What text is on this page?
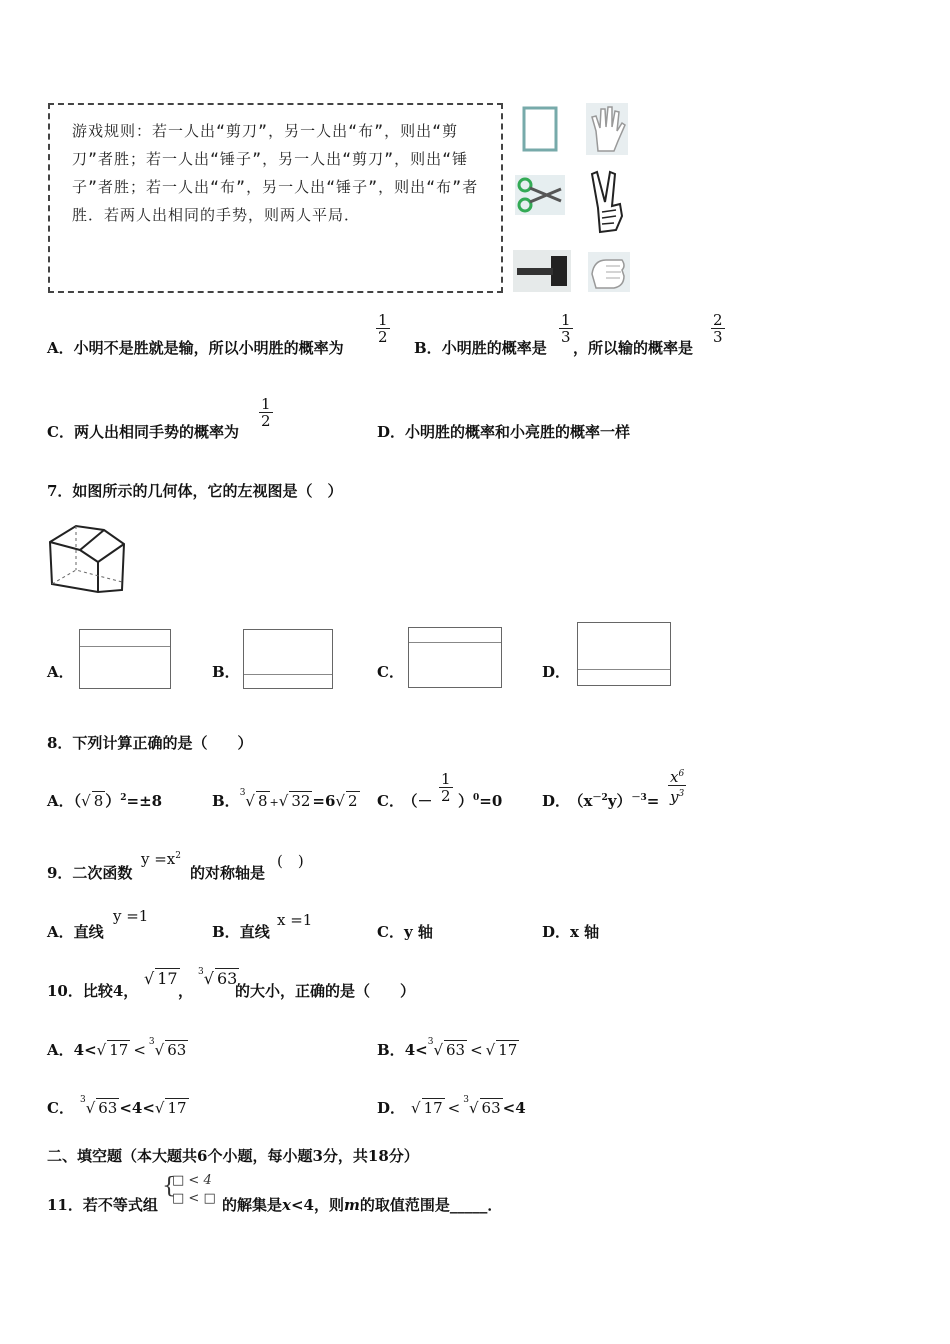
游戏规则：若一人出“剪刀”，另一人出“布”，则出“剪刀”者胜；若一人出“锤子”，另一人出“剪刀”，则出“锤子”者胜；若一人出“布”，另一人出“锤子”，则出“布”者胜．若两人出相同的手势，则两人平局．
A．小明不是胜就是输，所以小明胜的概率为
$\frac{1}{2}$
B．小明胜的概率是
$\frac{1}{3}$
，所以输的概率是
$\frac{2}{3}$
C．两人出相同手势的概率为
$\frac{1}{2}$
D．小明胜的概率和小亮胜的概率一样
7．如图所示的几何体，它的左视图是（　）
A．	B．	C．	D．
8．下列计算正确的是（　　）
A．（√ 8 ）$^2$=±8	B．$^3$√ 8 +√ 32 =6√ 2 C． （－ $\frac{1}{2} )^0=0$	D． $(x^{-2}y)^{-3}= \frac{x^6}{y^3}$
9．二次函数
$y =x^2$
的对称轴是
(　)
A．直线
y =1
B．直线
x =1
C．y 轴	D．x 轴
10．比较4，
√ 17
，
$^3$√ 63
的大小，正确的是（　　）
A．4<√ 17 < $^3$√ 63	B．4<$^3$√ 63 < √ 17
C． $^3$√ 63 <4<√ 17	D． √ 17 < $^3$√ 63 <4
二、填空题（本大题共6个小题，每小题3分，共18分）
11．若不等式组
{
□ < 4
□ < □ 的解集是x<4，则m的取值范围是_____．
